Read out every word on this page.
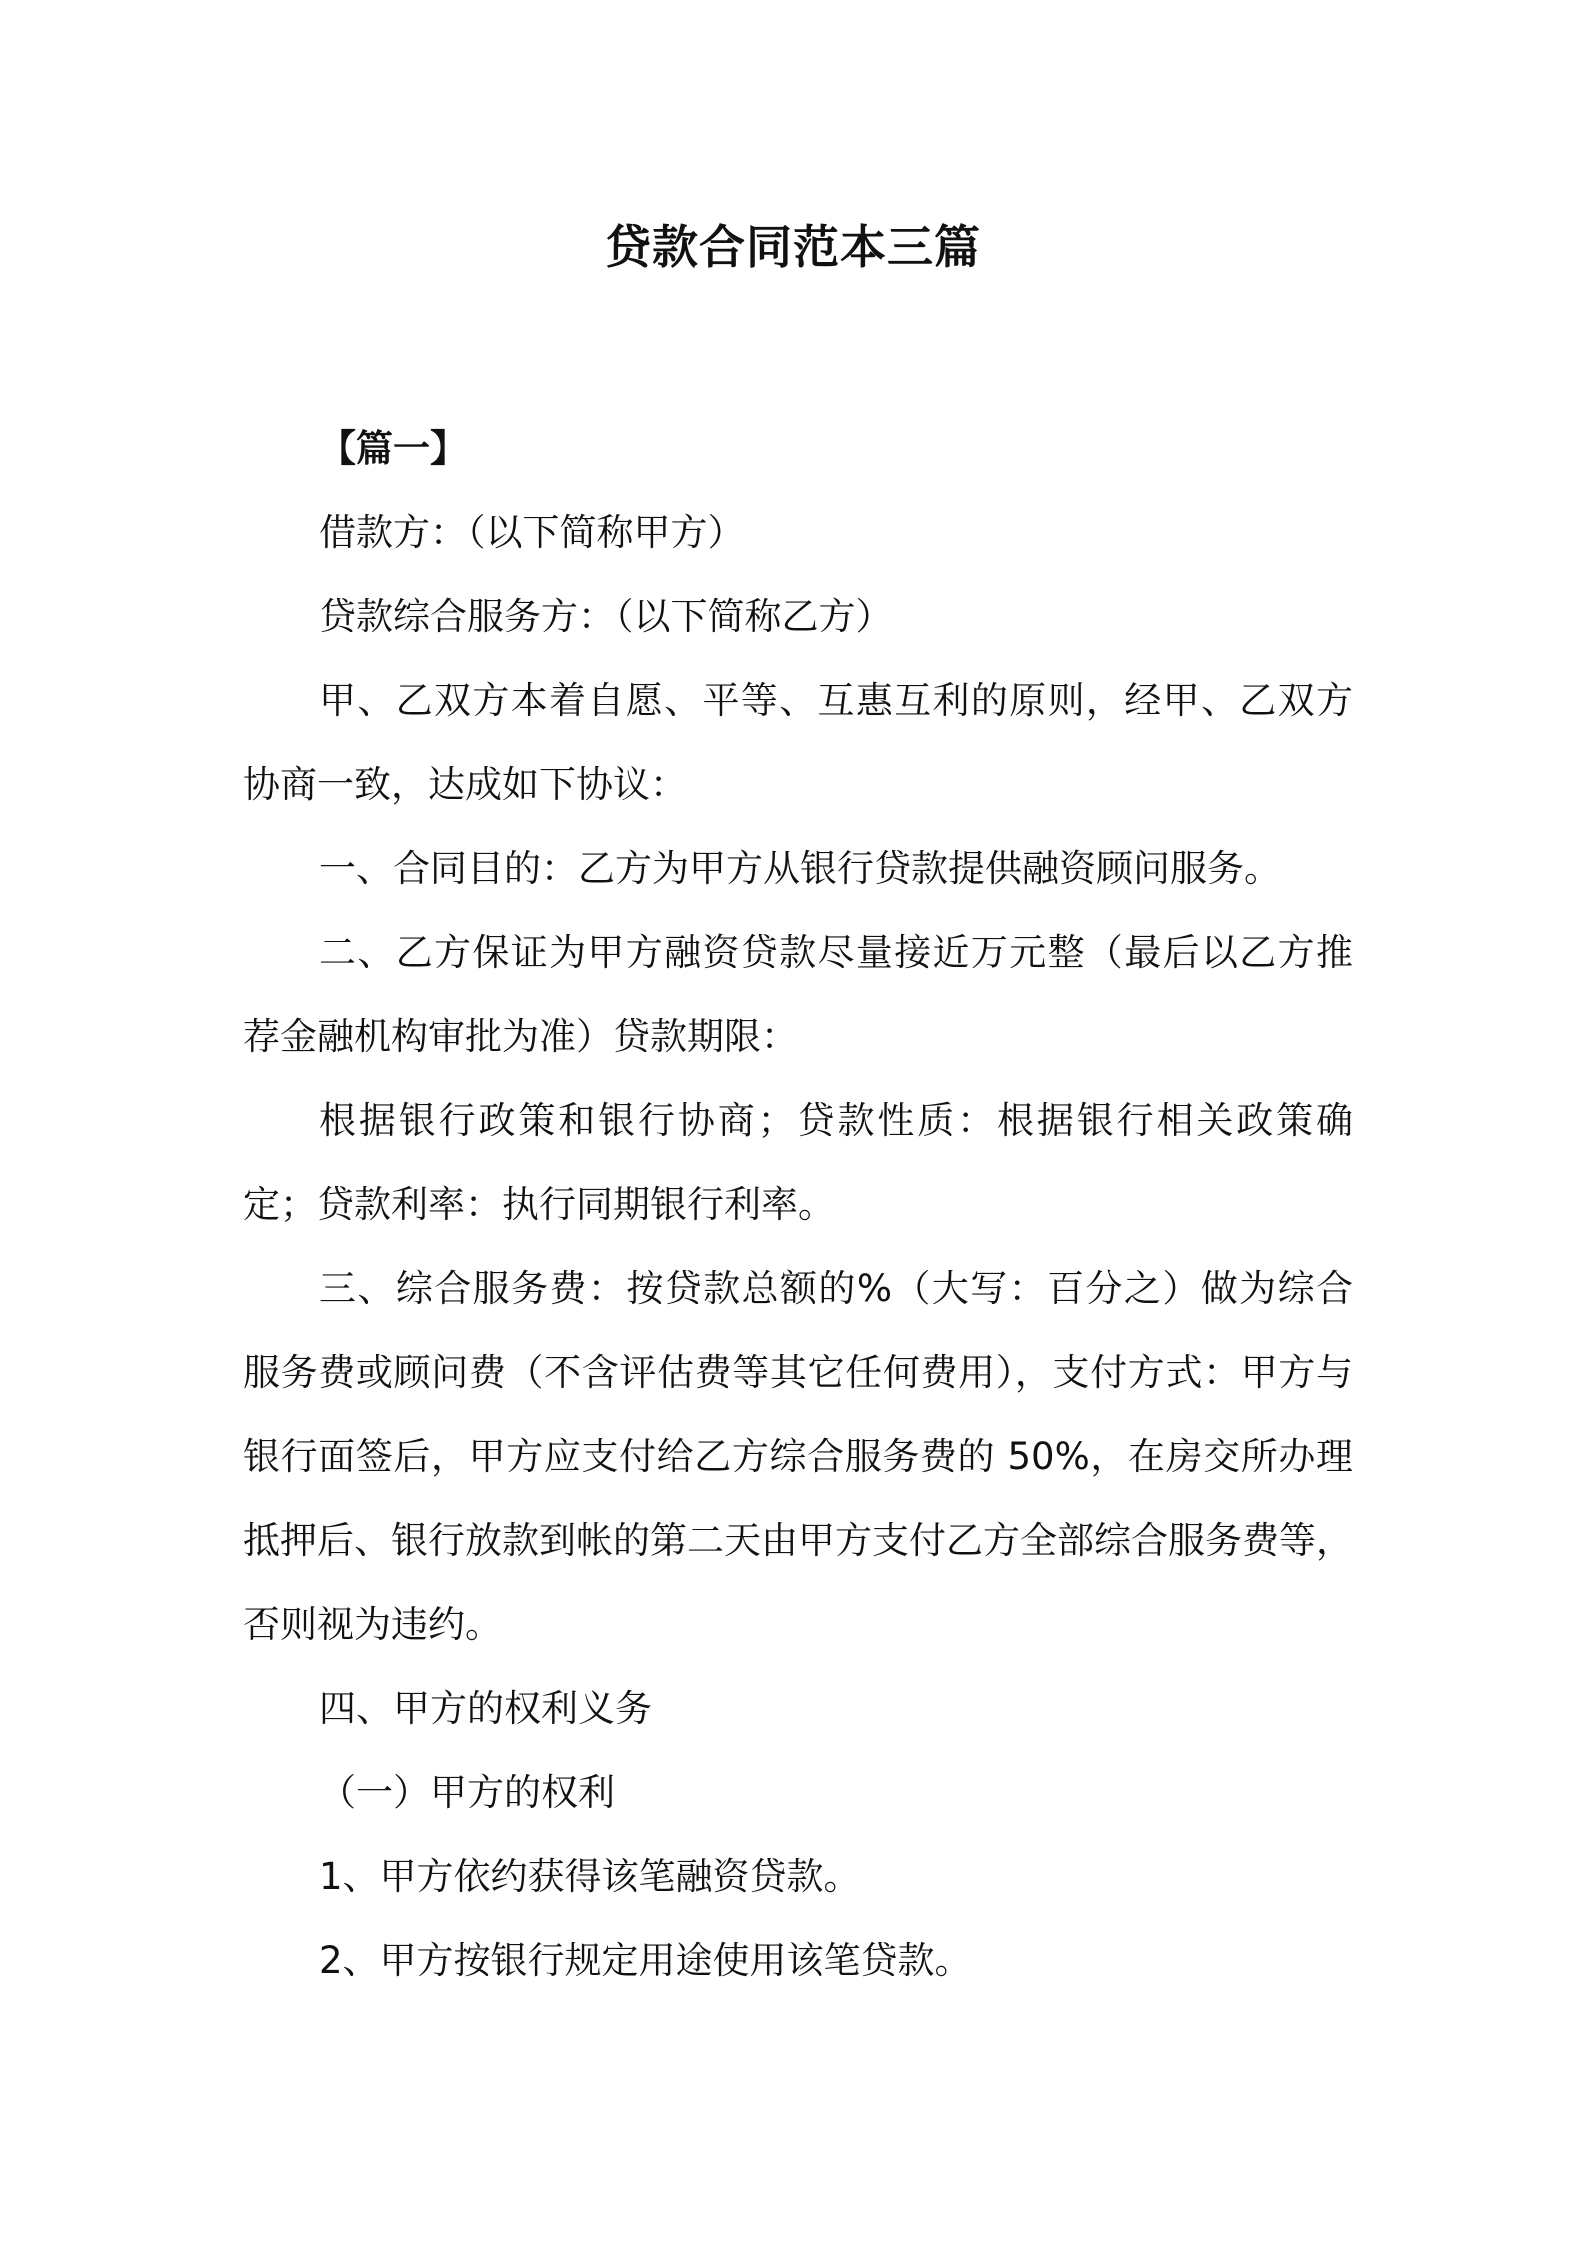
贷款合同范本三篇

【篇一】

借款方：（以下简称甲方）

贷款综合服务方：（以下简称乙方）

甲、乙双方本着自愿、平等、互惠互利的原则，经甲、乙双方协商一致，达成如下协议：

一、合同目的：乙方为甲方从银行贷款提供融资顾问服务。

二、乙方保证为甲方融资贷款尽量接近万元整（最后以乙方推荐金融机构审批为准）贷款期限：

根据银行政策和银行协商；贷款性质：根据银行相关政策确定；贷款利率：执行同期银行利率。

三、综合服务费：按贷款总额的%（大写：百分之）做为综合服务费或顾问费（不含评估费等其它任何费用），支付方式：甲方与银行面签后，甲方应支付给乙方综合服务费的 50%，在房交所办理抵押后、银行放款到帐的第二天由甲方支付乙方全部综合服务费等，否则视为违约。

四、甲方的权利义务

（一）甲方的权利

1、甲方依约获得该笔融资贷款。

2、甲方按银行规定用途使用该笔贷款。
